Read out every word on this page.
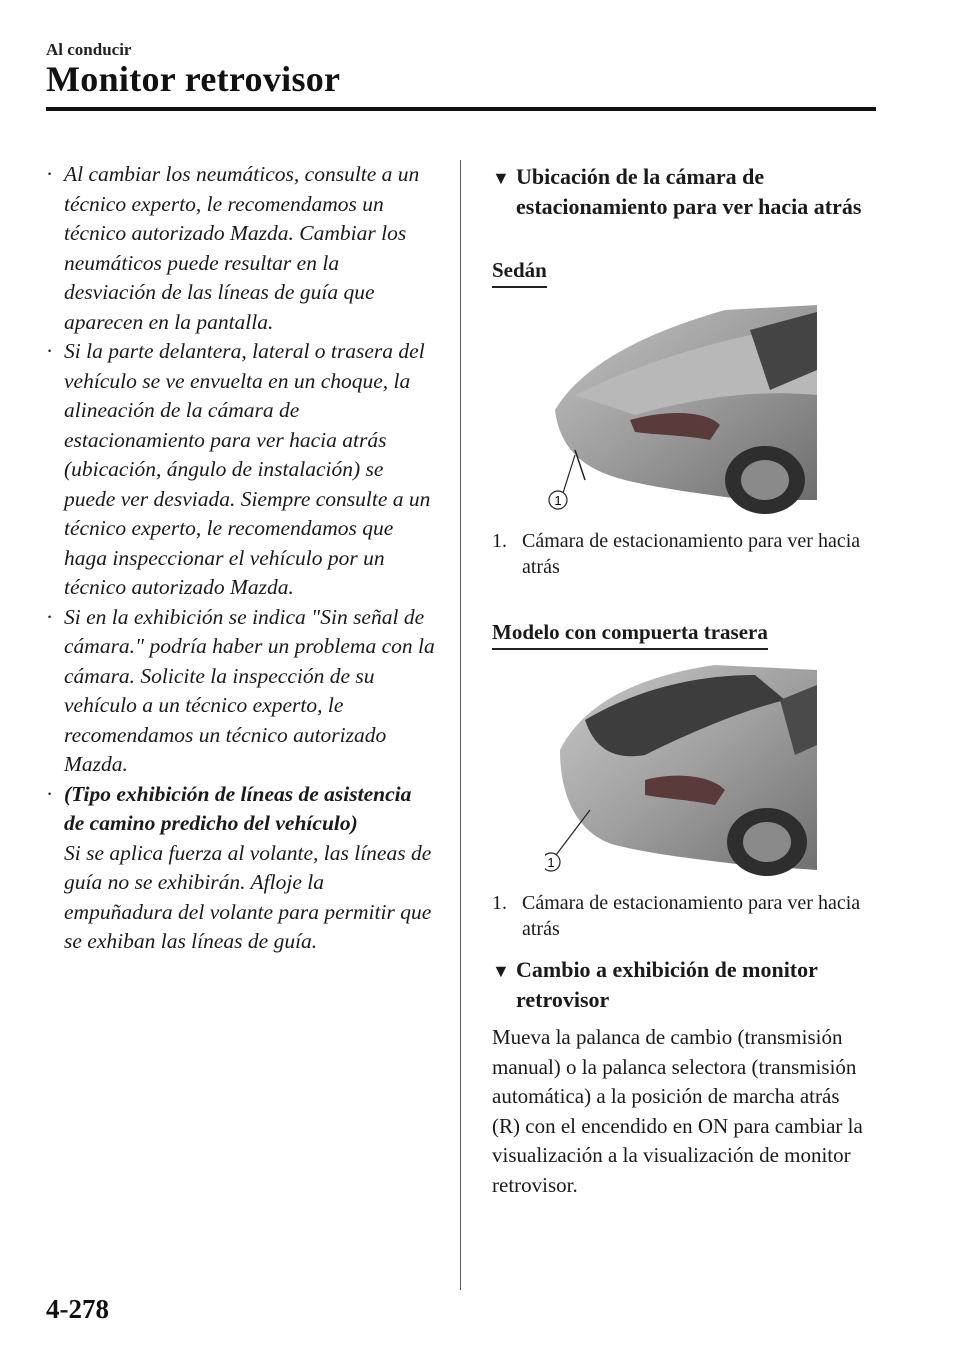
Al conducir
Monitor retrovisor
· Al cambiar los neumáticos, consulte a un técnico experto, le recomendamos un técnico autorizado Mazda. Cambiar los neumáticos puede resultar en la desviación de las líneas de guía que aparecen en la pantalla.
· Si la parte delantera, lateral o trasera del vehículo se ve envuelta en un choque, la alineación de la cámara de estacionamiento para ver hacia atrás (ubicación, ángulo de instalación) se puede ver desviada. Siempre consulte a un técnico experto, le recomendamos que haga inspeccionar el vehículo por un técnico autorizado Mazda.
· Si en la exhibición se indica "Sin señal de cámara." podría haber un problema con la cámara. Solicite la inspección de su vehículo a un técnico experto, le recomendamos un técnico autorizado Mazda.
· (Tipo exhibición de líneas de asistencia de camino predicho del vehículo)
Si se aplica fuerza al volante, las líneas de guía no se exhibirán. Afloje la empuñadura del volante para permitir que se exhiban las líneas de guía.
▼ Ubicación de la cámara de estacionamiento para ver hacia atrás
Sedán
1
1. Cámara de estacionamiento para ver hacia atrás
Modelo con compuerta trasera
1
1. Cámara de estacionamiento para ver hacia atrás
▼ Cambio a exhibición de monitor retrovisor
Mueva la palanca de cambio (transmisión manual) o la palanca selectora (transmisión automática) a la posición de marcha atrás (R) con el encendido en ON para cambiar la visualización a la visualización de monitor retrovisor.
4-278
